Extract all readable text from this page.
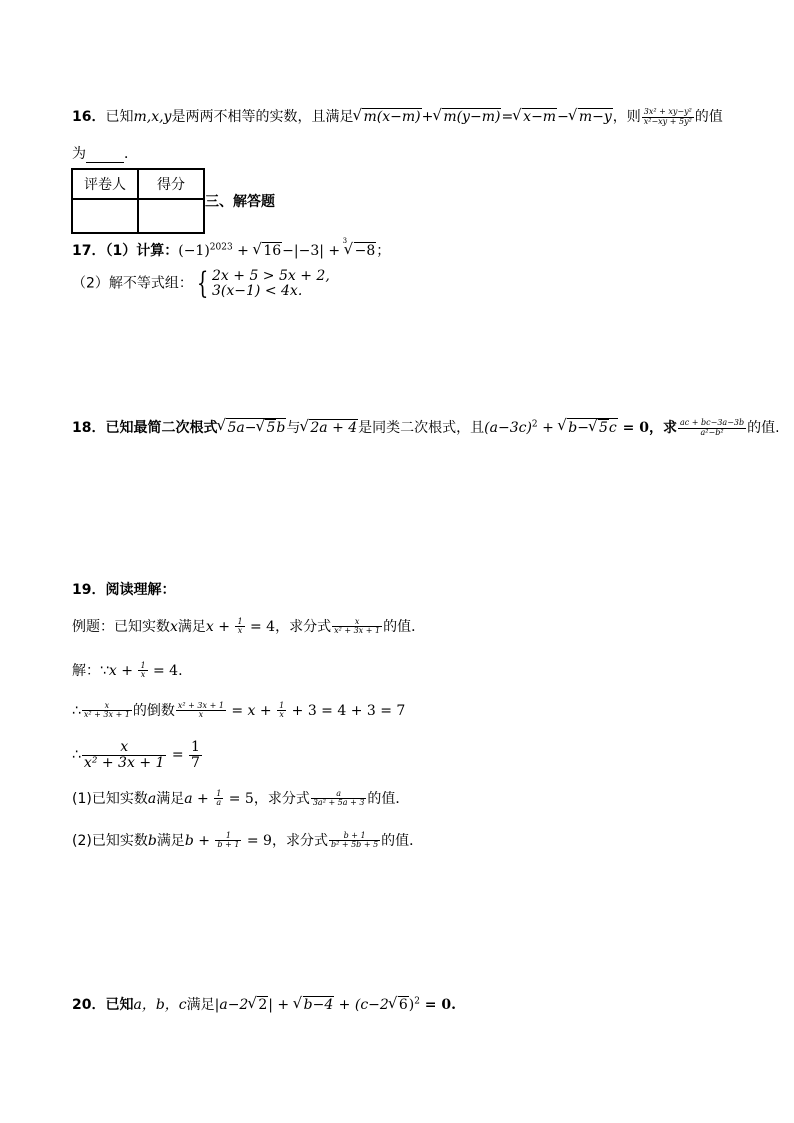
16．已知m,x,y是两两不相等的实数，且满足 √ m(x−m)+ √ m(y−m)= √ x−m− √ m−y，则 $\frac{\text{3x² + xy−y²}}{\text{x²−xy + 5y²}}$ 的值
为	．
评卷人	得分

三、解答题
17．（1）计算：$(-1)^{2023}$ + √ 16−|−3| +
√ 3
−8；
（2）解不等式组： { 2x + 5 > 5x + 2,
3(x−1) < 4x.
18．已知最简二次根式 √ 5a− √ 5b与 √ 2a + 4是同类二次根式，且$(a-3c)^2$ + √ b− √ 5c = 0，求 $\frac{ac + bc-3a-3b}{\text{a²−b²}}$ 的值.
19．阅读理解：
例题：已知实数x满足$x + \frac{1}{x} = 4$，求分式 $\frac{x}{\text{x² + 3x + 1}}$ 的值．
解：∵x + $\frac{1}{x} = 4$.
∴ $\frac{x}{\text{x² + 3x + 1}}$ 的倒数 $\frac{\text{x² + 3x + 1}}{x} = x + \frac{1}{x} + 3 = 4 + 3 = 7$
∴ $\frac{x}{\text{x² + 3x + 1}} = \frac{1}{7}$
(1)已知实数a满足$a + \frac{1}{a} = 5$，求分式 $\frac{a}{\text{3a² + 5a + 3}}$ 的值．
(2)已知实数b满足$b + \frac{1}{b + 1} = 9$，求分式 $\frac{b + 1}{\text{b² + 5b + 5}}$ 的值．
20．已知a，b，c满足|a−2 √ 2| + √ b−4 + (c−2 √ 6)$^2$ = 0.
